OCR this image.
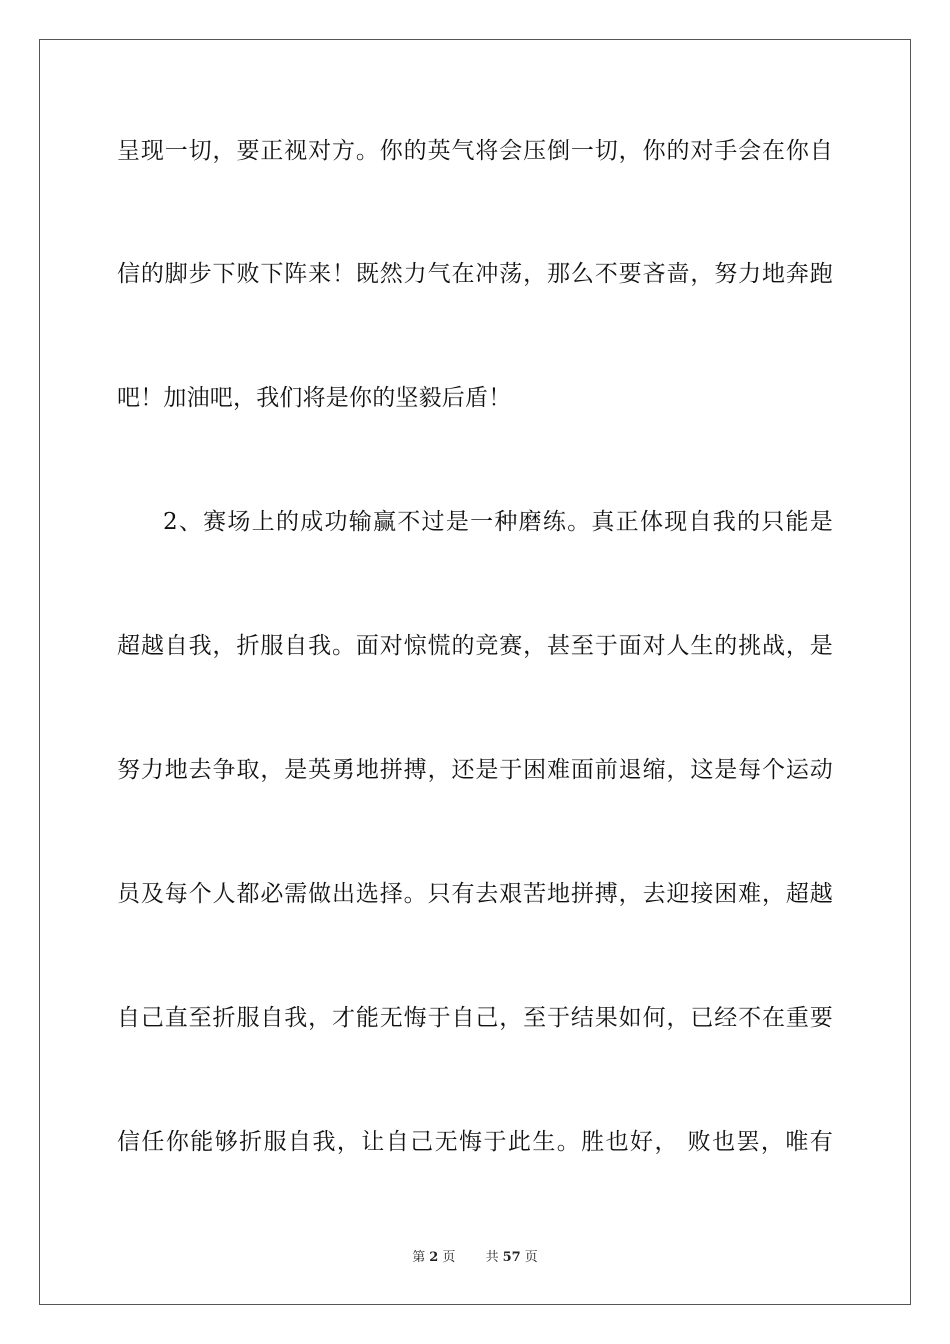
呈现一切，要正视对方。你的英气将会压倒一切，你的对手会在你自
信的脚步下败下阵来！既然力气在冲荡，那么不要吝啬，努力地奔跑
吧！加油吧，我们将是你的坚毅后盾！
2、赛场上的成功输赢不过是一种磨练。真正体现自我的只能是
超越自我，折服自我。面对惊慌的竞赛，甚至于面对人生的挑战，是
努力地去争取，是英勇地拼搏，还是于困难面前退缩，这是每个运动
员及每个人都必需做出选择。只有去艰苦地拼搏，去迎接困难，超越
自己直至折服自我，才能无悔于自己，至于结果如何，已经不在重要
信任你能够折服自我，让自己无悔于此生。胜也好， 败也罢，唯有
第 2 页 共 57 页
